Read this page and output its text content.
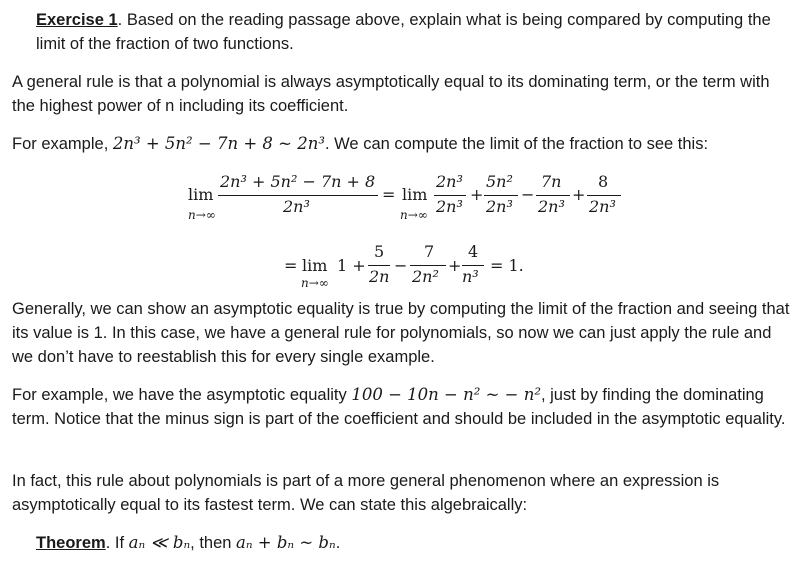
Exercise 1. Based on the reading passage above, explain what is being compared by computing the limit of the fraction of two functions.
A general rule is that a polynomial is always asymptotically equal to its dominating term, or the term with the highest power of n including its coefficient.
For example, 2n³ + 5n² − 7n + 8 ~ 2n³. We can compute the limit of the fraction to see this:
lim
n→∞
2n³ + 5n² − 7n + 8
2n³
= lim
n→∞
2n³
2n³
+
5n²
2n³
−
7n
2n³
+
8
2n³
= lim
n→∞
1 +
5
2n
−
7
2n²
+
4
n³
= 1.
Generally, we can show an asymptotic equality is true by computing the limit of the fraction and seeing that its value is 1. In this case, we have a general rule for polynomials, so now we can just apply the rule and we don’t have to reestablish this for every single example.
For example, we have the asymptotic equality 100 − 10n − n² ~ − n², just by finding the dominating term. Notice that the minus sign is part of the coefficient and should be included in the asymptotic equality.
In fact, this rule about polynomials is part of a more general phenomenon where an expression is asymptotically equal to its fastest term. We can state this algebraically:
Theorem. If aₙ ≪ bₙ, then aₙ + bₙ ~ bₙ.
